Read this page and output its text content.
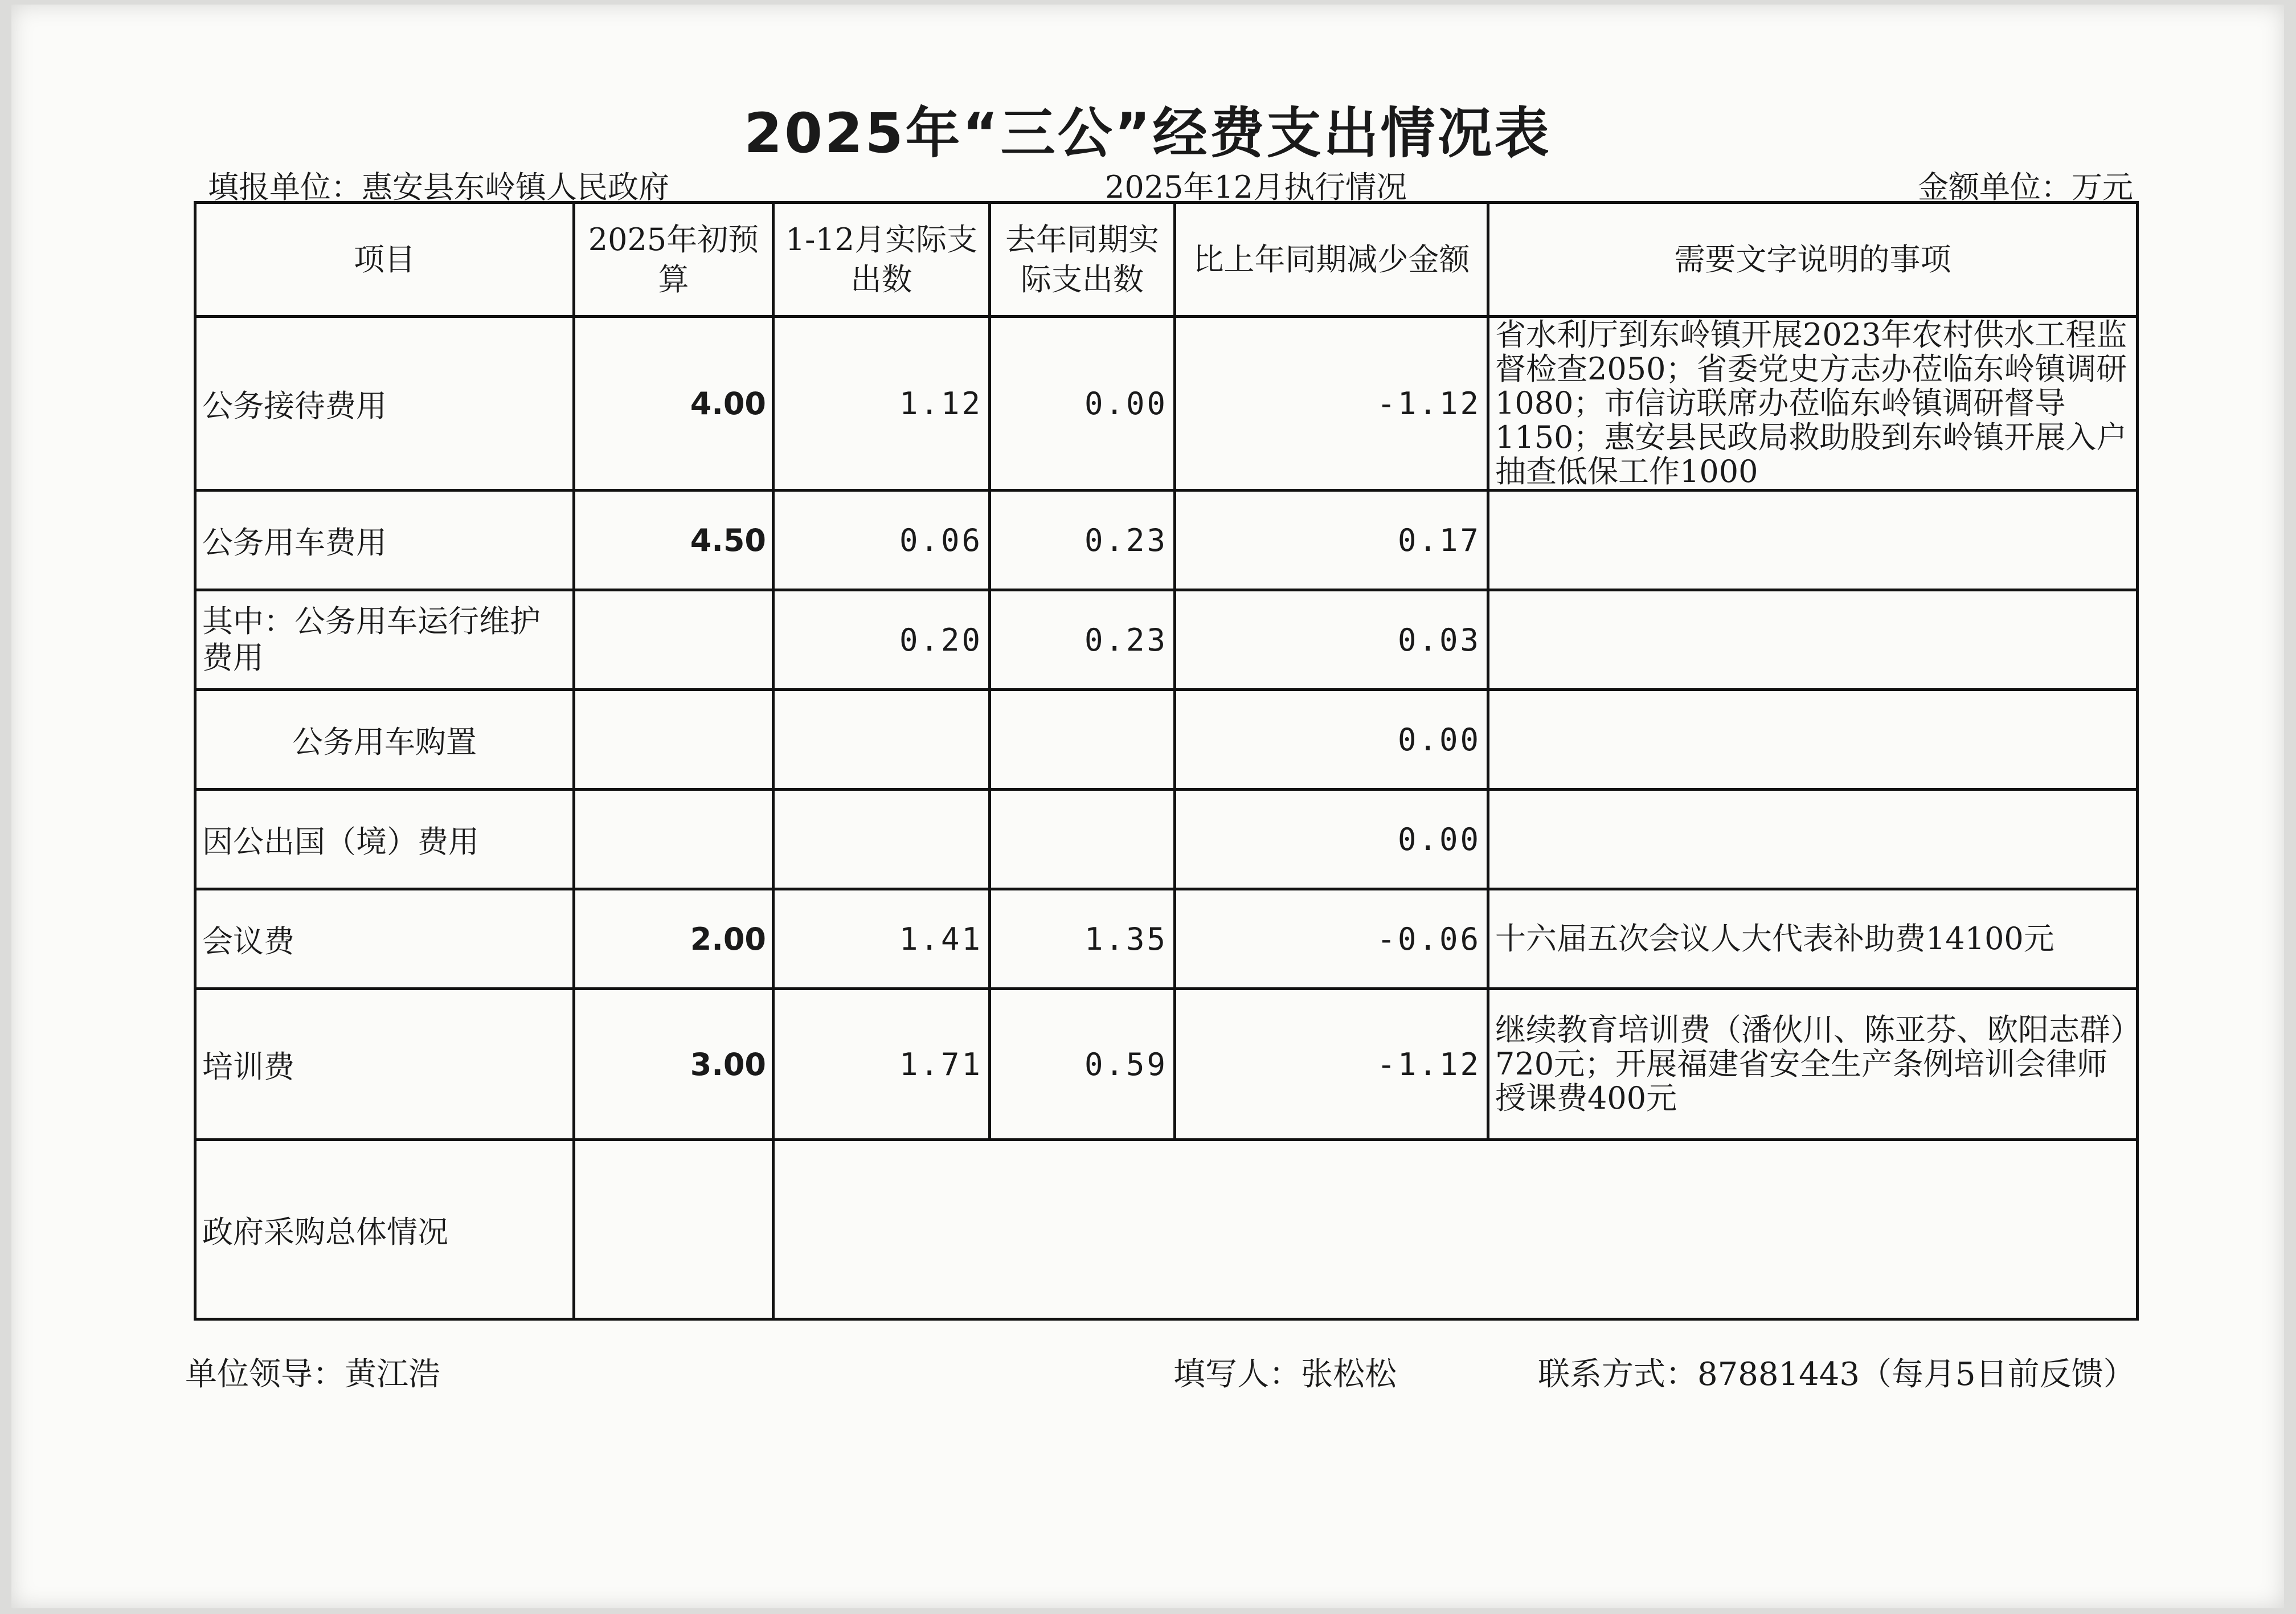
2025年“三公”经费支出情况表
填报单位：惠安县东岭镇人民政府	2025年12月执行情况	金额单位：万元
项目	2025年初预算	1-12月实际支出数	去年同期实际支出数	比上年同期减少金额	需要文字说明的事项
公务接待费用	4.00	1.12	0.00	-1.12	省水利厅到东岭镇开展2023年农村供水工程监督检查2050；省委党史方志办莅临东岭镇调研1080；市信访联席办莅临东岭镇调研督导1150；惠安县民政局救助股到东岭镇开展入户抽查低保工作1000
公务用车费用	4.50	0.06	0.23	0.17	
其中：公务用车运行维护费用		0.20	0.23	0.03	
公务用车购置				0.00	
因公出国（境）费用				0.00	
会议费	2.00	1.41	1.35	-0.06	十六届五次会议人大代表补助费14100元
培训费	3.00	1.71	0.59	-1.12	继续教育培训费（潘伙川、陈亚芬、欧阳志群）720元；开展福建省安全生产条例培训会律师授课费400元
政府采购总体情况					
单位领导：黄江浩	填写人：张松松	联系方式：87881443（每月5日前反馈）
